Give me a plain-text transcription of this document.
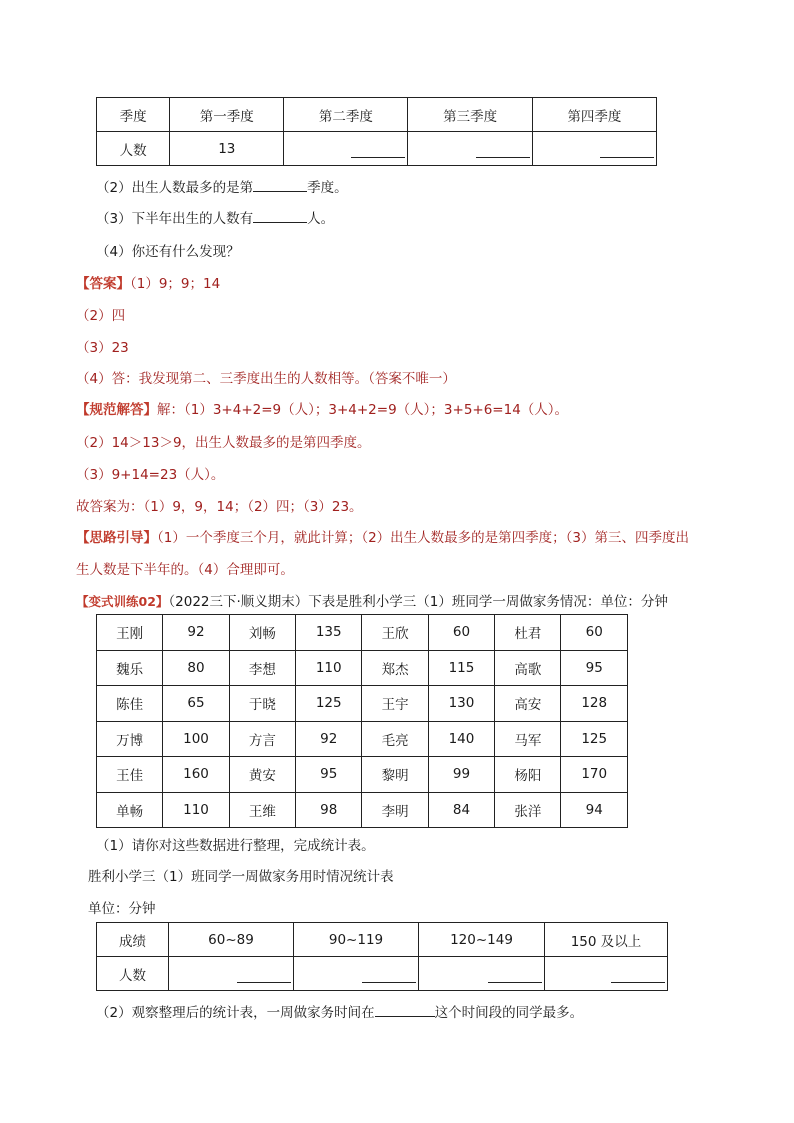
季度	第一季度	第二季度	第三季度	第四季度
人数	13			
（2）出生人数最多的是第	季度。
（3）下半年出生的人数有	人。
（4）你还有什么发现？
【答案】（1）9；9；14
（2）四
（3）23
（4）答：我发现第二、三季度出生的人数相等。（答案不唯一）
【规范解答】解：（1）3+4+2=9（人）；3+4+2=9（人）；3+5+6=14（人）。
（2）14＞13＞9，出生人数最多的是第四季度。
（3）9+14=23（人）。
故答案为：（1）9，9，14；（2）四；（3）23。
【思路引导】（1）一个季度三个月，就此计算；（2）出生人数最多的是第四季度；（3）第三、四季度出
生人数是下半年的。（4）合理即可。
【变式训练02】（2022三下·顺义期末）下表是胜利小学三（1）班同学一周做家务情况：单位：分钟
王刚	92	刘畅	135	王欣	60	杜君	60
魏乐	80	李想	110	郑杰	115	高歌	95
陈佳	65	于晓	125	王宇	130	高安	128
万博	100	方言	92	毛亮	140	马军	125
王佳	160	黄安	95	黎明	99	杨阳	170
单畅	110	王维	98	李明	84	张洋	94
（1）请你对这些数据进行整理，完成统计表。
胜利小学三（1）班同学一周做家务用时情况统计表
单位：分钟
成绩	60~89	90~119	120~149	150 及以上
人数				
（2）观察整理后的统计表，一周做家务时间在	这个时间段的同学最多。
